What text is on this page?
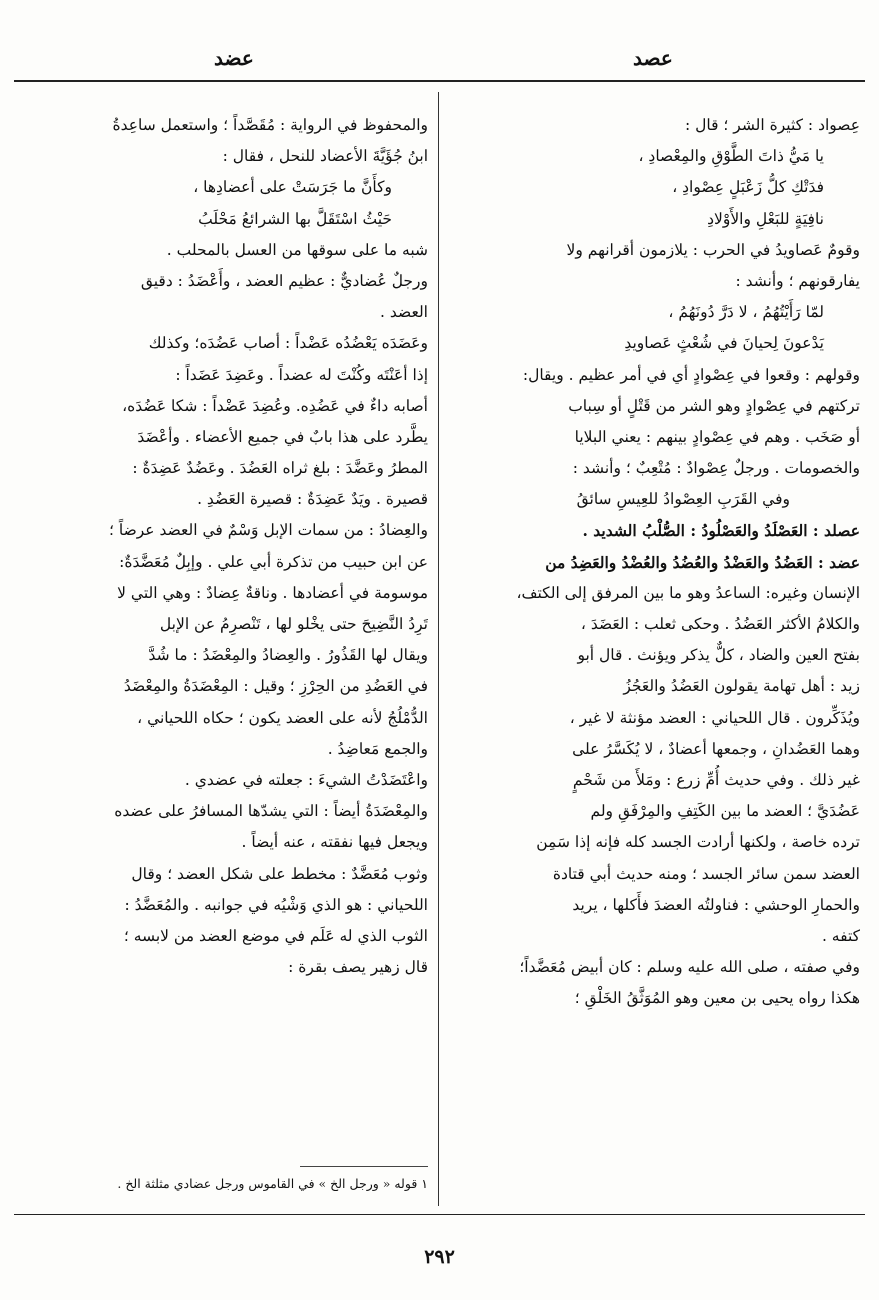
عضد	عصد
عِصواد : كثيرة الشر ؛ قال :
يا مَيُّ ذاتَ الطَّوْقِ والمِعْصادِ ،
فدَتْكِ كلُّ زَعْبَلٍ عِصْوادِ ،
نافِيَةٍ للبَعْلِ والأَوْلادِ
وقومٌ عَصاويدُ في الحرب : يلازمون أقرانهم ولا
يفارقونهم ؛ وأنشد :
لمّا رَأَيْتُهُمُ ، لا دَرَّ دُونَهُمُ ،
يَدْعونَ لِحيانَ في شُعْثٍ عَصاويدِ
وقولهم : وقعوا في عِصْوادٍ أي في أمر عظيم . ويقال:
تركتهم في عِصْوادٍ وهو الشر من قَتْلٍ أو سِباب
أو صَخَب . وهم في عِصْوادٍ بينهم : يعني البلايا
والخصومات . ورجلٌ عِصْوادٌ : مُتْعِبٌ ؛ وأنشد :
وفي القَرَبِ العِصْوادُ للعِيسِ سائقُ
عصلد : العَصْلَدُ والعَصْلُودُ : الصُّلْبُ الشديد .
عضد : العَضُدُ والعَضْدُ والعُضُدُ والعُضْدُ والعَضِدُ من
الإنسان وغيره: الساعدُ وهو ما بين المرفق إلى الكتف،
والكلامُ الأكثر العَضُدُ . وحكى ثعلب : العَضَدَ ،
بفتح العين والضاد ، كلٌّ يذكر ويؤنث . قال أبو
زيد : أهل تهامة يقولون العَضُدُ والعَجُزُ
ويُذَكِّرون . قال اللحياني : العضد مؤنثة لا غير ،
وهما العَضُدانِ ، وجمعها أعضادٌ ، لا يُكَسَّرُ على
غير ذلك . وفي حديث أُمِّ زرع : ومَلأَ من شَحْمٍ
عَضُدَيَّ ؛ العضد ما بين الكَتِفِ والمِرْفَقِ ولم
ترده خاصة ، ولكنها أرادت الجسد كله فإنه إذا سَمِن
العضد سمن سائر الجسد ؛ ومنه حديث أبي قتادة
والحمارِ الوحشي : فناولتُه العضدَ فأَكلها ، يريد
كتفه .
وفي صفته ، صلى الله عليه وسلم : كان أبيض مُعَضَّداً؛
هكذا رواه يحيى بن معين وهو المُوَثَّقُ الخَلْقِ ؛
والمحفوظ في الرواية : مُقَصَّداً ؛ واستعمل ساعِدةُ
ابنُ جُؤَيَّةَ الأعضاد للنحل ، فقال :
وكأَنَّ ما جَرَسَتْ على أعضادِها ،
حَيْثُ اسْتَقَلَّ بها الشرائعُ مَحْلَبُ
شبه ما على سوقها من العسل بالمحلب .
ورجلٌ عُضاديٌّ : عظيم العضد ، وأَعْضَدُ : دقيق
العضد .
وعَضَدَه يَعْضُدُه عَضْداً : أصاب عَضُدَه؛ وكذلك
إذا أعَنْتَه وكُنْتَ له عضداً . وعَضِدَ عَضَداً :
أصابه داءٌ في عَضُدِه. وعُضِدَ عَضْداً : شكا عَضُدَه،
يطَّرد على هذا بابٌ في جميع الأعضاء . وأعْضَدَ
المطرُ وعَضَّدَ : بلغ ثراه العَضُدَ . وعَضُدٌ عَضِدَةٌ :
قصيرة . ويَدٌ عَضِدَةٌ : قصيرة العَضُدِ .
والعِضادُ : من سمات الإبل وَسْمٌ في العضد عرضاً ؛
عن ابن حبيب من تذكرة أبي علي . وإبِلٌ مُعَضَّدَةٌ:
موسومة في أعضادها . وناقةٌ عِضادٌ : وهي التي لا
تَرِدُ النَّضِيحَ حتى يخْلو لها ، تَنْصرِمُ عن الإبل
ويقال لها القَذُورُ . والعِضادُ والمِعْضَدُ : ما شُدَّ
في العَضُدِ من الحِرْزِ ؛ وقيل : المِعْضَدَةُ والمِعْضَدُ
الدُّمْلُجُ لأنه على العضد يكون ؛ حكاه اللحياني ،
والجمع مَعاضِدُ .
واعْتَضَدْتُ الشيءَ : جعلته في عضدي .
والمِعْضَدَةُ أيضاً : التي يشدّها المسافرُ على عضده
ويجعل فيها نفقته ، عنه أيضاً .
وثوب مُعَضَّدٌ : مخطط على شكل العضد ؛ وقال
اللحياني : هو الذي وَشْيُه في جوانبه . والمُعَضَّدُ :
الثوب الذي له عَلَم في موضع العضد من لابسه ؛
قال زهير يصف بقرة :
١ قوله « ورجل الخ » في القاموس ورجل عضادي مثلثة الخ .
٢٩٢
